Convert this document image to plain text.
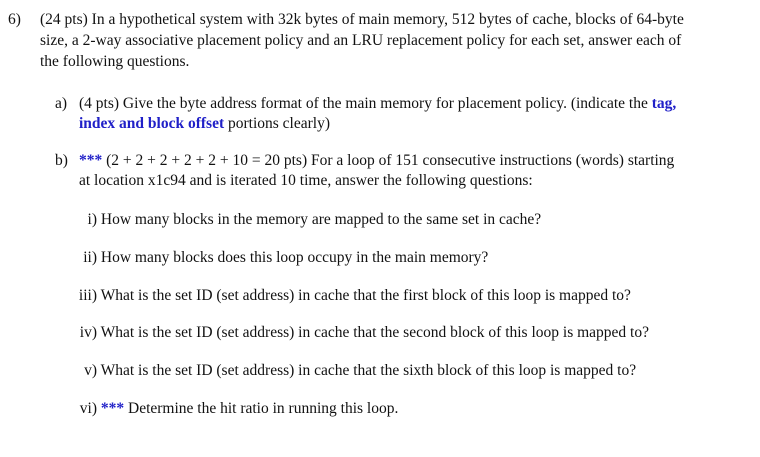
6) (24 pts) In a hypothetical system with 32k bytes of main memory, 512 bytes of cache, blocks of 64-byte
size, a 2-way associative placement policy and an LRU replacement policy for each set, answer each of
the following questions.
a) (4 pts) Give the byte address format of the main memory for placement policy. (indicate the tag,
index and block offset portions clearly)
b) *** (2 + 2 + 2 + 2 + 2 + 10 = 20 pts) For a loop of 151 consecutive instructions (words) starting
at location x1c94 and is iterated 10 time, answer the following questions:
i) How many blocks in the memory are mapped to the same set in cache?
ii) How many blocks does this loop occupy in the main memory?
iii) What is the set ID (set address) in cache that the first block of this loop is mapped to?
iv) What is the set ID (set address) in cache that the second block of this loop is mapped to?
v) What is the set ID (set address) in cache that the sixth block of this loop is mapped to?
vi) *** Determine the hit ratio in running this loop.
